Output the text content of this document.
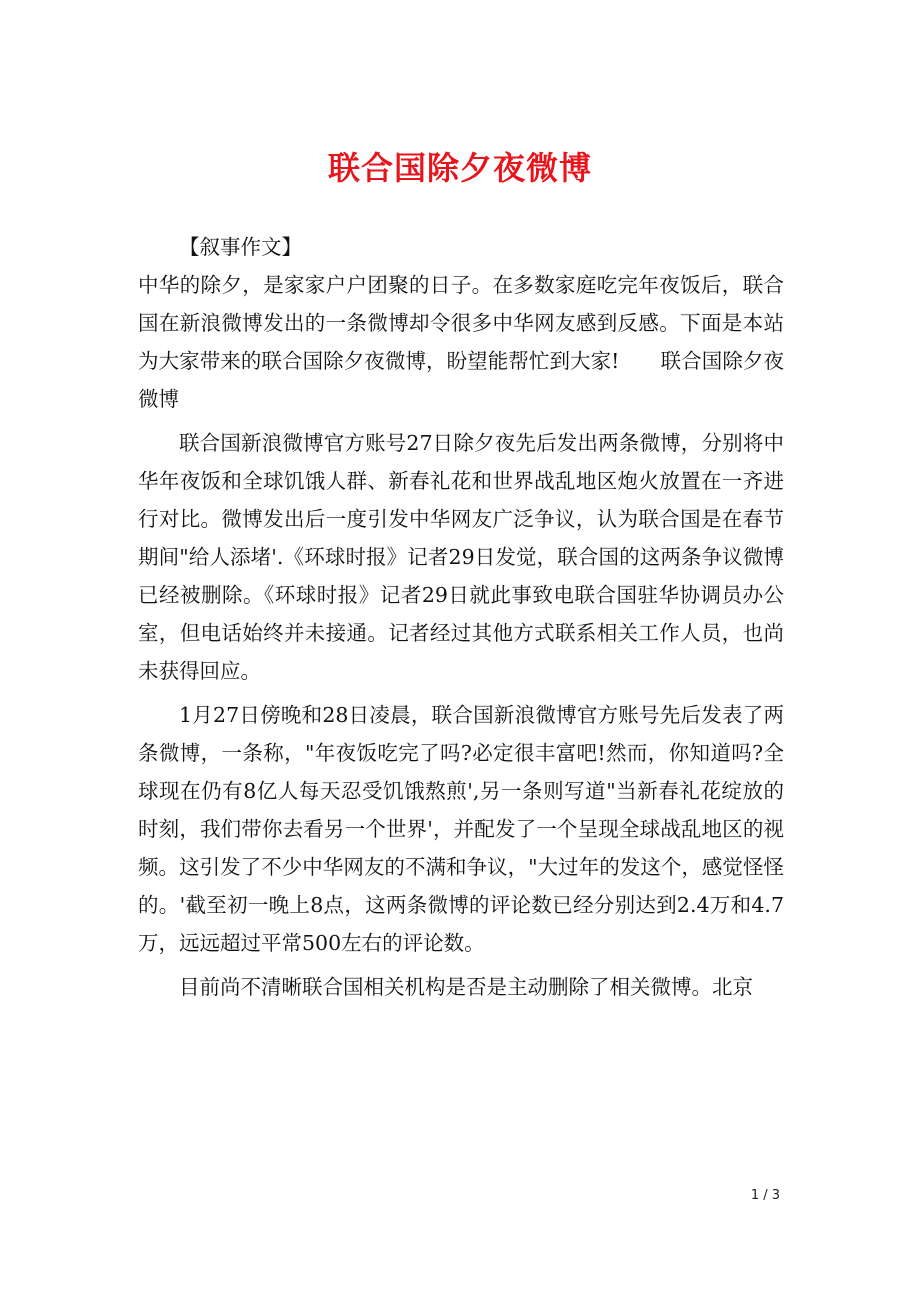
联合国除夕夜微博

【叙事作文】

中华的除夕，是家家户户团聚的日子。在多数家庭吃完年夜饭后，联合国在新浪微博发出的一条微博却令很多中华网友感到反感。下面是本站为大家带来的联合国除夕夜微博，盼望能帮忙到大家!　　联合国除夕夜微博

联合国新浪微博官方账号27日除夕夜先后发出两条微博，分别将中华年夜饭和全球饥饿人群、新春礼花和世界战乱地区炮火放置在一齐进行对比。微博发出后一度引发中华网友广泛争议，认为联合国是在春节期间"给人添堵'.《环球时报》记者29日发觉，联合国的这两条争议微博已经被删除。《环球时报》记者29日就此事致电联合国驻华协调员办公室，但电话始终并未接通。记者经过其他方式联系相关工作人员，也尚未获得回应。

1月27日傍晚和28日凌晨，联合国新浪微博官方账号先后发表了两条微博，一条称，"年夜饭吃完了吗?必定很丰富吧!然而，你知道吗?全球现在仍有8亿人每天忍受饥饿熬煎',另一条则写道"当新春礼花绽放的时刻，我们带你去看另一个世界'，并配发了一个呈现全球战乱地区的视频。这引发了不少中华网友的不满和争议，"大过年的发这个，感觉怪怪的。'截至初一晚上8点，这两条微博的评论数已经分别达到2.4万和4.7万，远远超过平常500左右的评论数。

目前尚不清晰联合国相关机构是否是主动删除了相关微博。北京

1 / 3
